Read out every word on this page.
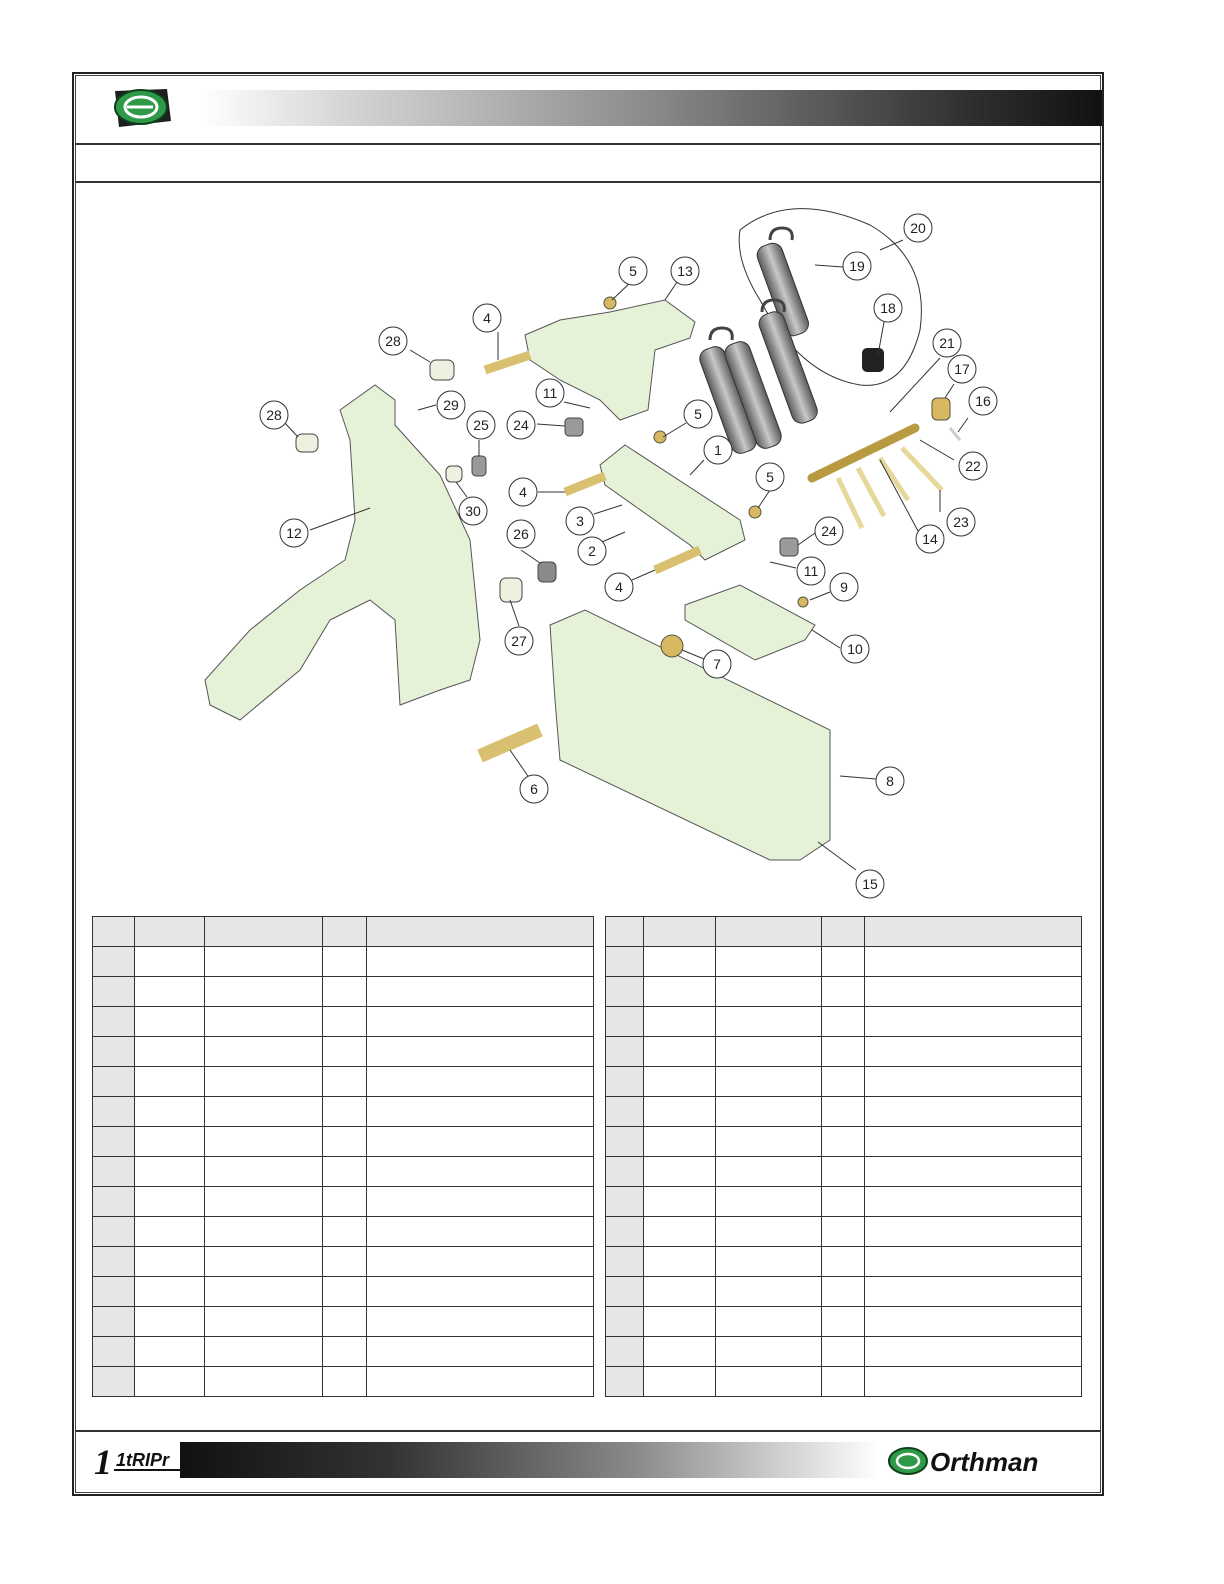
1
2
3
4
4
4
5
5
5
6
7
8
9
10
11
11
12
13
14
15
16
17
18
19
20
21
22
23
24
24
25
26
27
28
28
29
30

1 1tRIPr	Orthman
